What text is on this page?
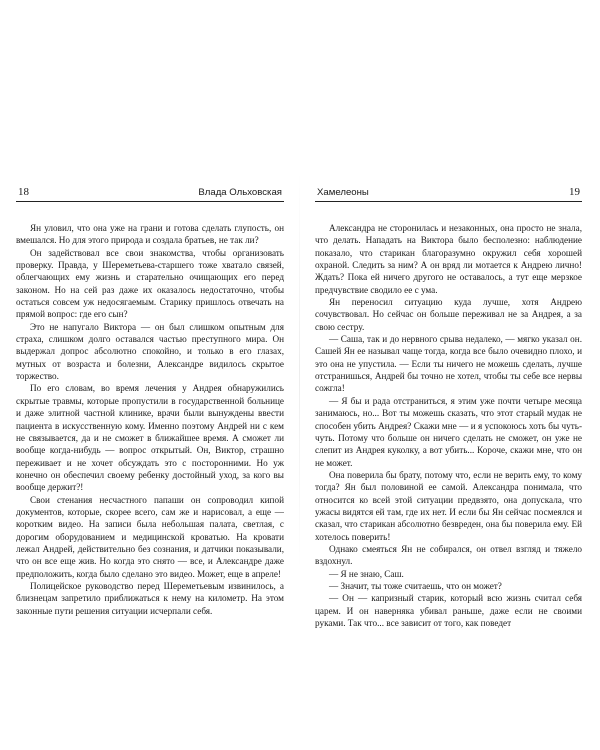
18	Влада Ольховская

Ян уловил, что она уже на грани и готова сделать глупость, он вмешался. Но для этого природа и создала братьев, не так ли?

Он задействовал все свои знакомства, чтобы организовать проверку. Правда, у Шереметьева-старшего тоже хватало связей, облегчающих ему жизнь и старательно очищающих его перед законом. Но на сей раз даже их оказалось недостаточно, чтобы остаться совсем уж недосягаемым. Старику пришлось отвечать на прямой вопрос: где его сын?

Это не напугало Виктора — он был слишком опытным для страха, слишком долго оставался частью преступного мира. Он выдержал допрос абсолютно спокойно, и только в его глазах, мутных от возраста и болезни, Александре видилось скрытое торжество.

По его словам, во время лечения у Андрея обнаружились скрытые травмы, которые пропустили в государственной больнице и даже элитной частной клинике, врачи были вынуждены ввести пациента в искусственную кому. Именно поэтому Андрей ни с кем не связывается, да и не сможет в ближайшее время. А сможет ли вообще когда-нибудь — вопрос открытый. Он, Виктор, страшно переживает и не хочет обсуждать это с посторонними. Но уж конечно он обеспечил своему ребенку достойный уход, за кого вы вообще держит?!

Свои стенания несчастного папаши он сопроводил кипой документов, которые, скорее всего, сам же и нарисовал, а еще — коротким видео. На записи была небольшая палата, светлая, с дорогим оборудованием и медицинской кроватью. На кровати лежал Андрей, действительно без сознания, и датчики показывали, что он все еще жив. Но когда это снято — все, и Александре даже предположить, когда было сделано это видео. Может, еще в апреле!

Полицейское руководство перед Шереметьевым извинилось, а близнецам запретило приближаться к нему на километр. На этом законные пути решения ситуации исчерпали себя.

Хамелеоны	19

Александра не сторонилась и незаконных, она просто не знала, что делать. Нападать на Виктора было бесполезно: наблюдение показало, что старикан благоразумно окружил себя хорошей охраной. Следить за ним? А он вряд ли мотается к Андрею лично! Ждать? Пока ей ничего другого не оставалось, а тут еще мерзкое предчувствие сводило ее с ума.

Ян переносил ситуацию куда лучше, хотя Андрею сочувствовал. Но сейчас он больше переживал не за Андрея, а за свою сестру.

— Саша, так и до нервного срыва недалеко, — мягко указал он. Сашей Ян ее называл чаще тогда, когда все было очевидно плохо, и это она не упустила. — Если ты ничего не можешь сделать, лучше отстранишься, Андрей бы точно не хотел, чтобы ты себе все нервы сожгла!

— Я бы и рада отстраниться, я этим уже почти четыре месяца занимаюсь, но... Вот ты можешь сказать, что этот старый мудак не способен убить Андрея? Скажи мне — и я успокоюсь хоть бы чуть-чуть. Потому что больше он ничего сделать не сможет, он уже не слепит из Андрея куколку, а вот убить... Короче, скажи мне, что он не может.

Она поверила бы брату, потому что, если не верить ему, то кому тогда? Ян был половиной ее самой. Александра понимала, что относится ко всей этой ситуации предвзято, она допускала, что ужасы видятся ей там, где их нет. И если бы Ян сейчас посмеялся и сказал, что старикан абсолютно безвреден, она бы поверила ему. Ей хотелось поверить!

Однако смеяться Ян не собирался, он отвел взгляд и тяжело вздохнул.

— Я не знаю, Саш.

— Значит, ты тоже считаешь, что он может?

— Он — капризный старик, который всю жизнь считал себя царем. И он наверняка убивал раньше, даже если не своими руками. Так что... все зависит от того, как поведет
